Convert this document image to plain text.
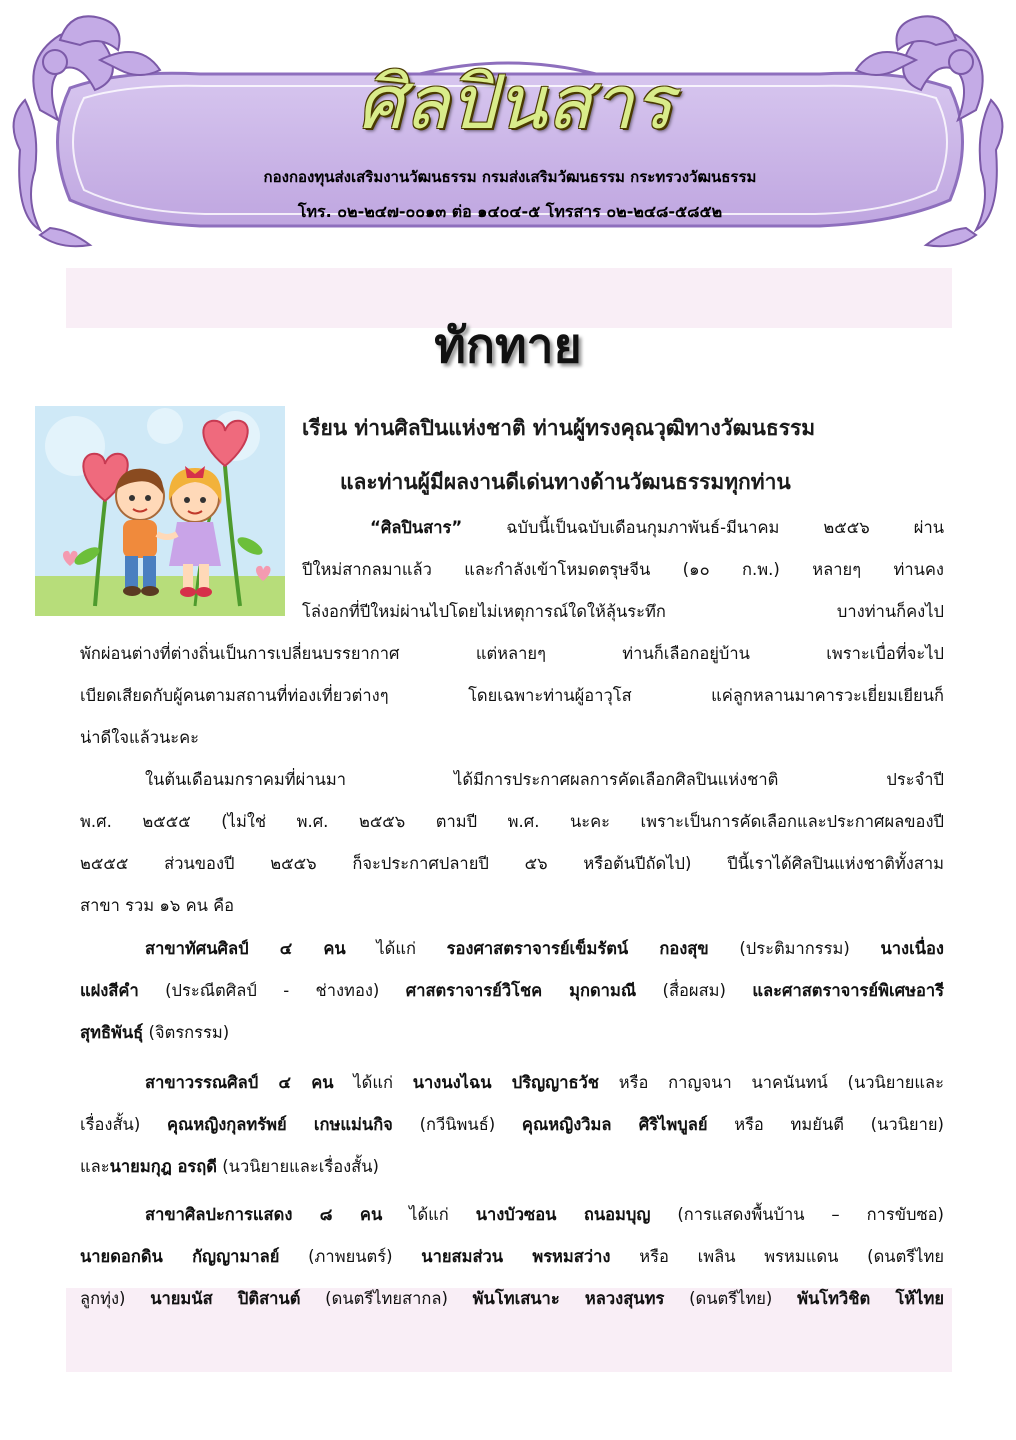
ศิลปินสาร
กองกองทุนส่งเสริมงานวัฒนธรรม กรมส่งเสริมวัฒนธรรม กระทรวงวัฒนธรรม
โทร. ๐๒-๒๔๗-๐๐๑๓ ต่อ ๑๔๐๔-๕ โทรสาร ๐๒-๒๔๘-๕๘๕๒
ทักทาย
เรียน ท่านศิลปินแห่งชาติ ท่านผู้ทรงคุณวุฒิทางวัฒนธรรม
และท่านผู้มีผลงานดีเด่นทางด้านวัฒนธรรมทุกท่าน
“ศิลปินสาร” ฉบับนี้เป็นฉบับเดือนกุมภาพันธ์-มีนาคม ๒๕๕๖ ผ่าน
ปีใหม่สากลมาแล้ว และกำลังเข้าโหมดตรุษจีน (๑๐ ก.พ.) หลายๆ ท่านคง
โล่งอกที่ปีใหม่ผ่านไปโดยไม่เหตุการณ์ใดให้ลุ้นระทึก บางท่านก็คงไป
พักผ่อนต่างที่ต่างถิ่นเป็นการเปลี่ยนบรรยากาศ แต่หลายๆ ท่านก็เลือกอยู่บ้าน เพราะเบื่อที่จะไป
เบียดเสียดกับผู้คนตามสถานที่ท่องเที่ยวต่างๆ โดยเฉพาะท่านผู้อาวุโส แค่ลูกหลานมาคารวะเยี่ยมเยียนก็
น่าดีใจแล้วนะคะ
ในต้นเดือนมกราคมที่ผ่านมา ได้มีการประกาศผลการคัดเลือกศิลปินแห่งชาติ ประจำปี
พ.ศ. ๒๕๕๕ (ไม่ใช่ พ.ศ. ๒๕๕๖ ตามปี พ.ศ. นะคะ เพราะเป็นการคัดเลือกและประกาศผลของปี
๒๕๕๕ ส่วนของปี ๒๕๕๖ ก็จะประกาศปลายปี ๕๖ หรือต้นปีถัดไป) ปีนี้เราได้ศิลปินแห่งชาติทั้งสาม
สาขา รวม ๑๖ คน คือ
สาขาทัศนศิลป์ ๔ คน ได้แก่ รองศาสตราจารย์เข็มรัตน์ กองสุข (ประติมากรรม) นางเนื่อง
แฝงสีคำ (ประณีตศิลป์ - ช่างทอง) ศาสตราจารย์วิโชค มุกดามณี (สื่อผสม) และศาสตราจารย์พิเศษอารี
สุทธิพันธุ์ (จิตรกรรม)
สาขาวรรณศิลป์ ๔ คน ได้แก่ นางนงไฉน ปริญญาธวัช หรือ กาญจนา นาคนันทน์ (นวนิยายและ
เรื่องสั้น) คุณหญิงกุลทรัพย์ เกษแม่นกิจ (กวีนิพนธ์) คุณหญิงวิมล ศิริไพบูลย์ หรือ ทมยันตี (นวนิยาย)
และนายมกุฎ อรฤดี (นวนิยายและเรื่องสั้น)
สาขาศิลปะการแสดง ๘ คน ได้แก่ นางบัวซอน ถนอมบุญ (การแสดงพื้นบ้าน – การขับซอ)
นายดอกดิน กัญญามาลย์ (ภาพยนตร์) นายสมส่วน พรหมสว่าง หรือ เพลิน พรหมแดน (ดนตรีไทย
ลูกทุ่ง) นายมนัส ปิติสานต์ (ดนตรีไทยสากล) พันโทเสนาะ หลวงสุนทร (ดนตรีไทย) พันโทวิชิต โห้ไทย
